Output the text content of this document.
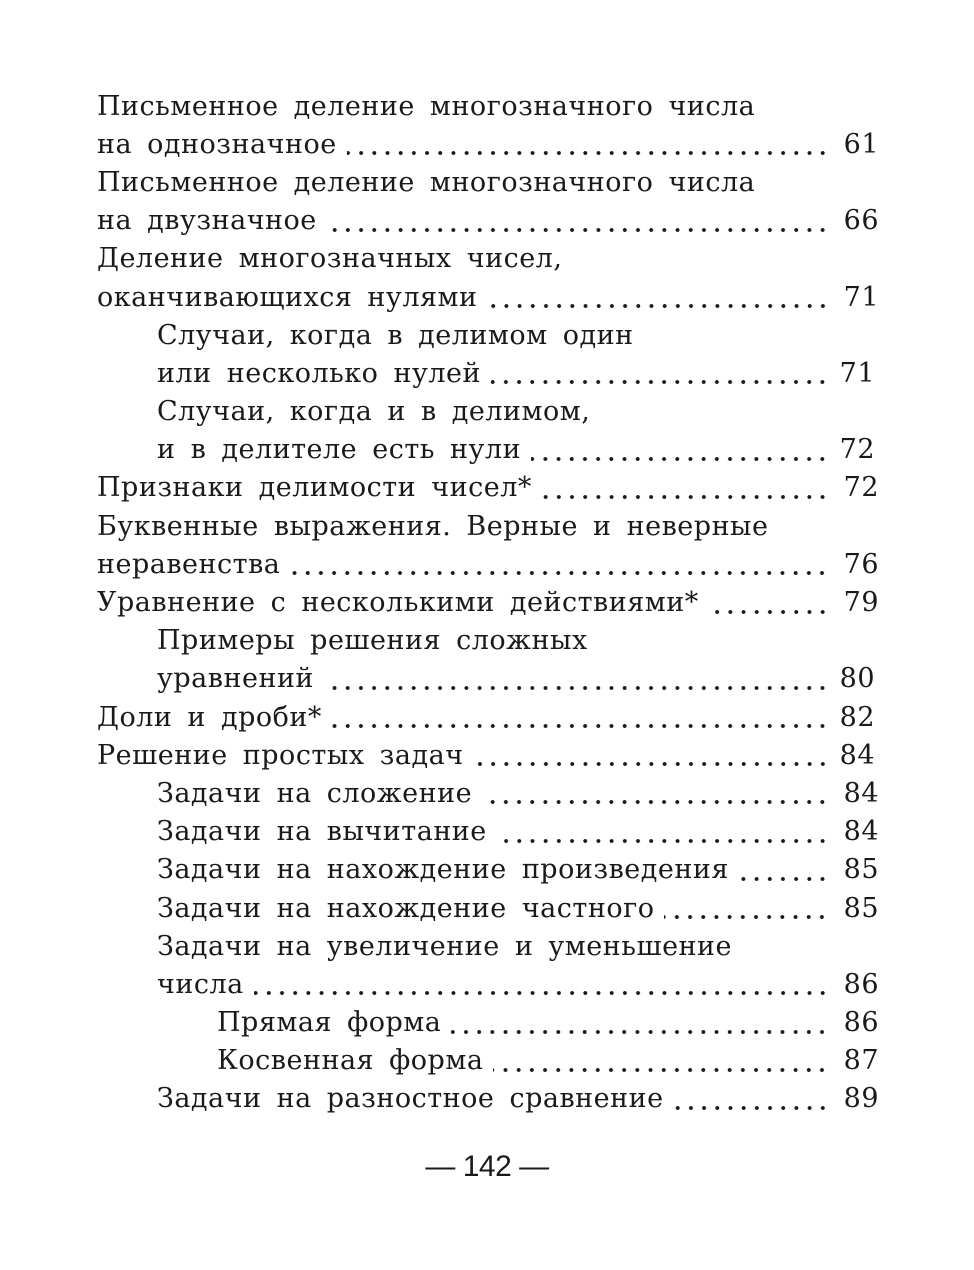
Письменное деление многозначного числа
на однозначное	61
Письменное деление многозначного числа
на двузначное	66
Деление многозначных чисел,
оканчивающихся нулями	71
Случаи, когда в делимом один
или несколько нулей	71
Случаи, когда и в делимом,
и в делителе есть нули	72
Признаки делимости чисел*	72
Буквенные выражения. Верные и неверные
неравенства	76
Уравнение с несколькими действиями*	79
Примеры решения сложных
уравнений	80
Доли и дроби*	82
Решение простых задач	84
Задачи на сложение	84
Задачи на вычитание	84
Задачи на нахождение произведения	85
Задачи на нахождение частного	85
Задачи на увеличение и уменьшение
числа	86
Прямая форма	86
Косвенная форма	87
Задачи на разностное сравнение	89
— 142 —
